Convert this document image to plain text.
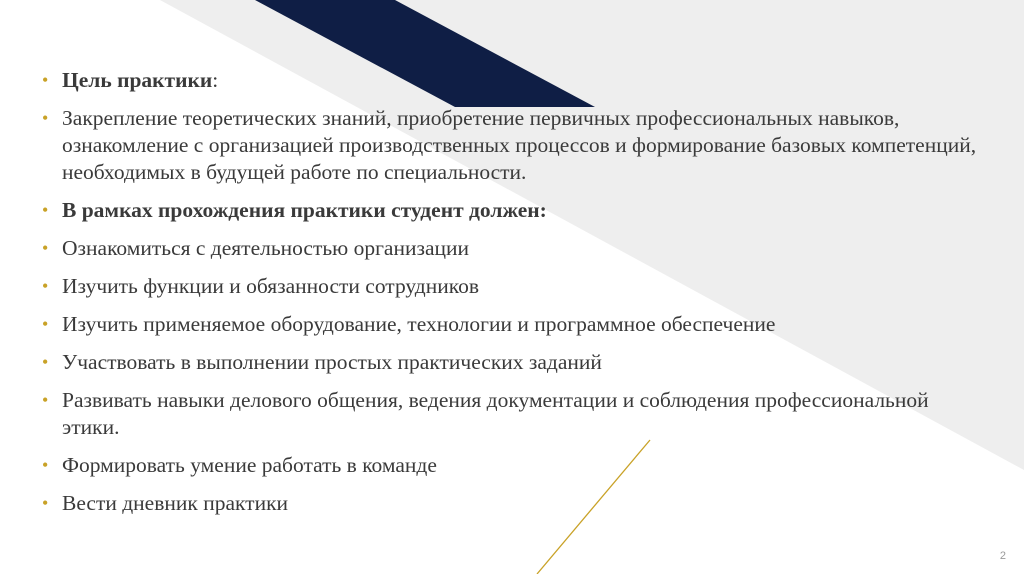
• Цель практики:
• Закрепление теоретических знаний, приобретение первичных профессиональных навыков, ознакомление с организацией производственных процессов и формирование базовых компетенций, необходимых в будущей работе по специальности.
• В рамках прохождения практики студент должен:
• Ознакомиться с деятельностью организации
• Изучить функции и обязанности сотрудников
• Изучить применяемое оборудование, технологии и программное обеспечение
• Участвовать в выполнении простых практических заданий
• Развивать навыки делового общения, ведения документации и соблюдения профессиональной этики.
• Формировать умение работать в команде
• Вести дневник практики
2
